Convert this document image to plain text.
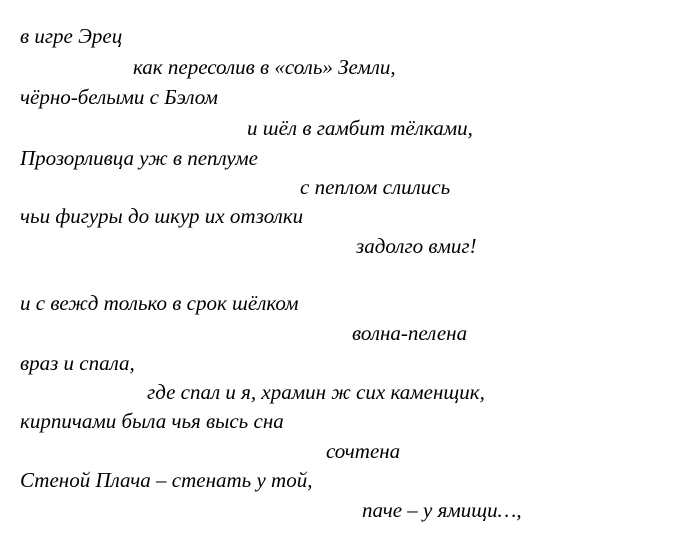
в игре Эрец
как пересолив в «соль» Земли,
чёрно-белыми с Бэлом
и шёл в гамбит тёлками,
Прозорливца уж в пеплуме
с пеплом слились
чьи фигуры до шкур их отзолки
задолго вмиг!
и с вежд только в срок шёлком
волна-пелена
враз и спала,
где спал и я, храмин ж сих каменщик,
кирпичами была чья высь сна
сочтена
Стеной Плача – стенать у той,
паче – у ямищи…,
